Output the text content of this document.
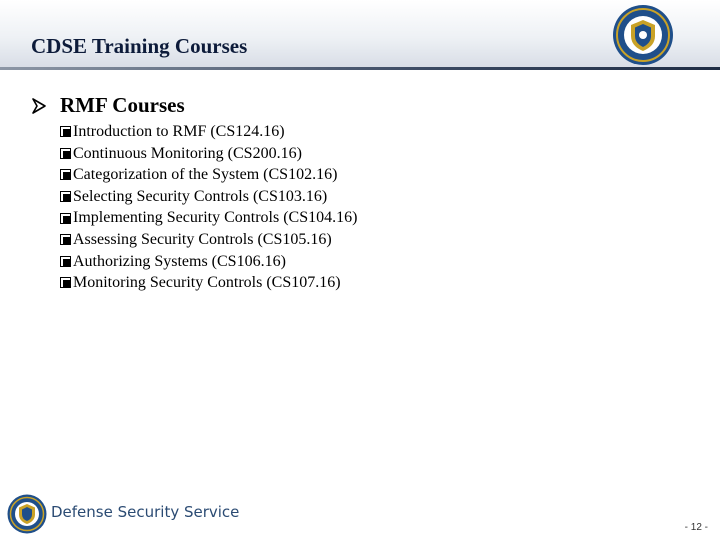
CDSE Training Courses
RMF Courses
Introduction to RMF (CS124.16)
Continuous Monitoring (CS200.16)
Categorization of the System (CS102.16)
Selecting Security Controls (CS103.16)
Implementing Security Controls (CS104.16)
Assessing Security Controls (CS105.16)
Authorizing Systems (CS106.16)
Monitoring Security Controls (CS107.16)
Defense Security Service
- 12 -
